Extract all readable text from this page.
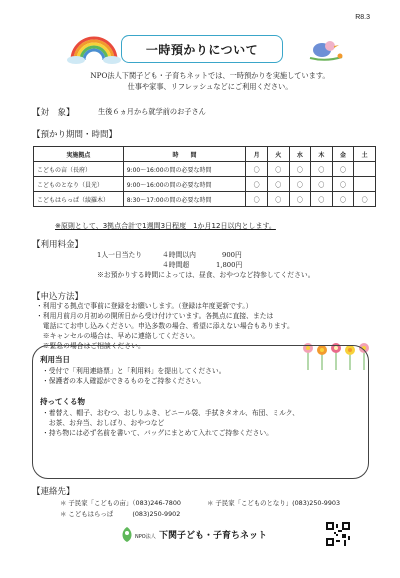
R8.3
一時預かりについて
NPO法人下関子ども・子育ちネットでは、一時預かりを実施しています。
仕事や家事、リフレッシュなどにご利用ください。
【対　象】	生後６ヵ月から就学前のお子さん
【預かり期間・時間】
実施拠点	時　　間	月	火	水	木	金	土
こどもの亩（長府）	9:00〜16:00の間の必要な時間	〇	〇	〇	〇	〇	
こどものとなり（員光）	9:00〜16:00の間の必要な時間	〇	〇	〇	〇	〇	
こどもはらっぱ（綾羅木）	8:30〜17:00の間の必要な時間	〇	〇	〇	〇	〇	〇
※原則として、3拠点合計で1週間3日程度　1か月12日以内とします。
【利用料金】
1人一日当たり	４時間以内	900円
４時間超	1,800円
※お預かりする時間によっては、昼食、おやつなど持参してください。
【申込方法】
・利用する拠点で事前に登録をお願いします。（登録は年度更新です。）
・利用月前月の月初めの開所日から受け付けています。各拠点に直接、または
　電話にてお申し込みください。申込多数の場合、希望に添えない場合もあります。
　※キャンセルの場合は、早めに連絡してください。
　※緊急の場合はご相談ください。
利用当日
・受付で「利用連絡票」と「利用料」を提出してください。
・保護者の本人確認ができるものをご持参ください。
持ってくる物
・着替え、帽子、おむつ、おしりふき、ビニール袋、手拭きタオル、布団、ミルク、
　お茶、お弁当、おしぼり、おやつなど
・持ち物には必ず名前を書いて、バッグにまとめて入れてご持参ください。
【連絡先】
＊ 子民家「こどもの亩」（083)246-7800	＊ 子民家「こどものとなり」(083)250-9903
＊ こどもはらっぱ　　　(083)250-9902
NPO法人 下関子ども・子育ちネット
